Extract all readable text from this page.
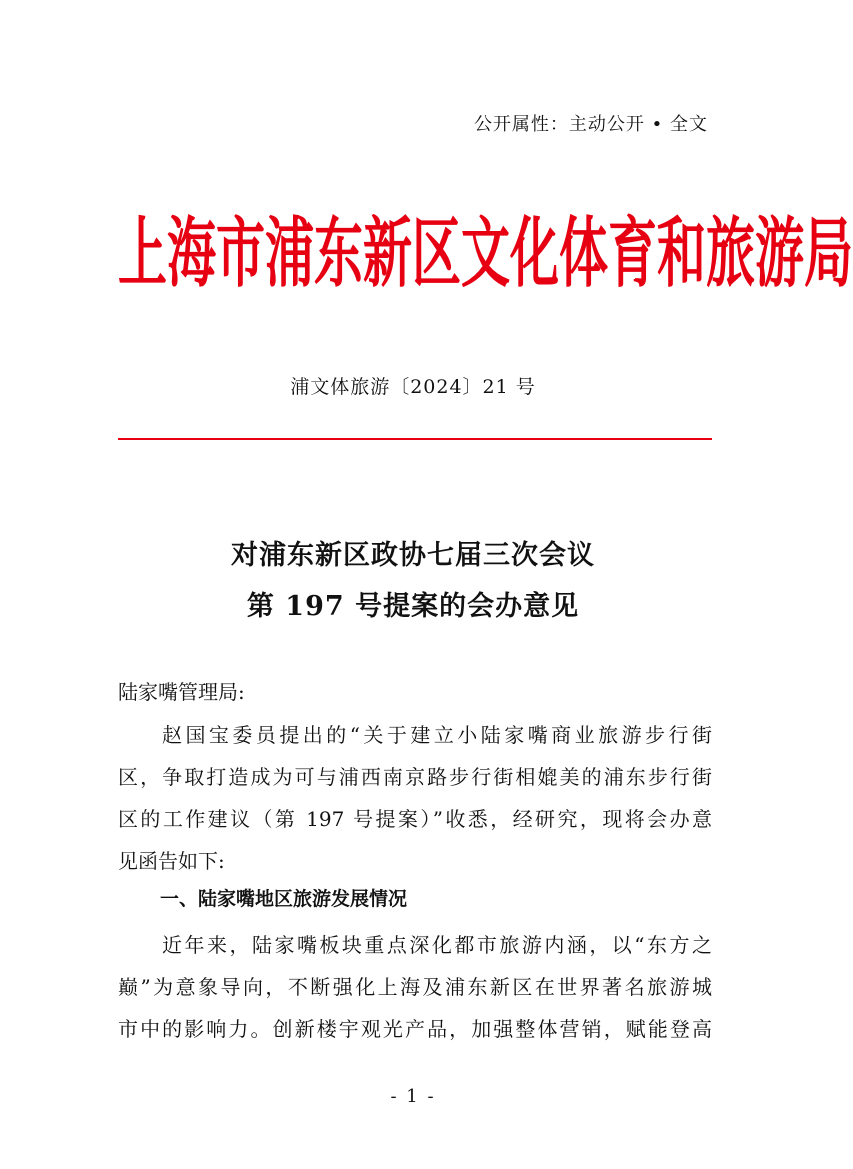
公开属性：主动公开 • 全文
上海市浦东新区文化体育和旅游局
浦文体旅游〔2024〕21 号
对浦东新区政协七届三次会议
第 197 号提案的会办意见
陆家嘴管理局:
赵国宝委员提出的“关于建立小陆家嘴商业旅游步行街
区，争取打造成为可与浦西南京路步行街相媲美的浦东步行街
区的工作建议（第 197 号提案）”收悉，经研究，现将会办意
见函告如下:
一、陆家嘴地区旅游发展情况
近年来，陆家嘴板块重点深化都市旅游内涵，以“东方之
巅”为意象导向，不断强化上海及浦东新区在世界著名旅游城
市中的影响力。创新楼宇观光产品，加强整体营销，赋能登高
- 1 -
